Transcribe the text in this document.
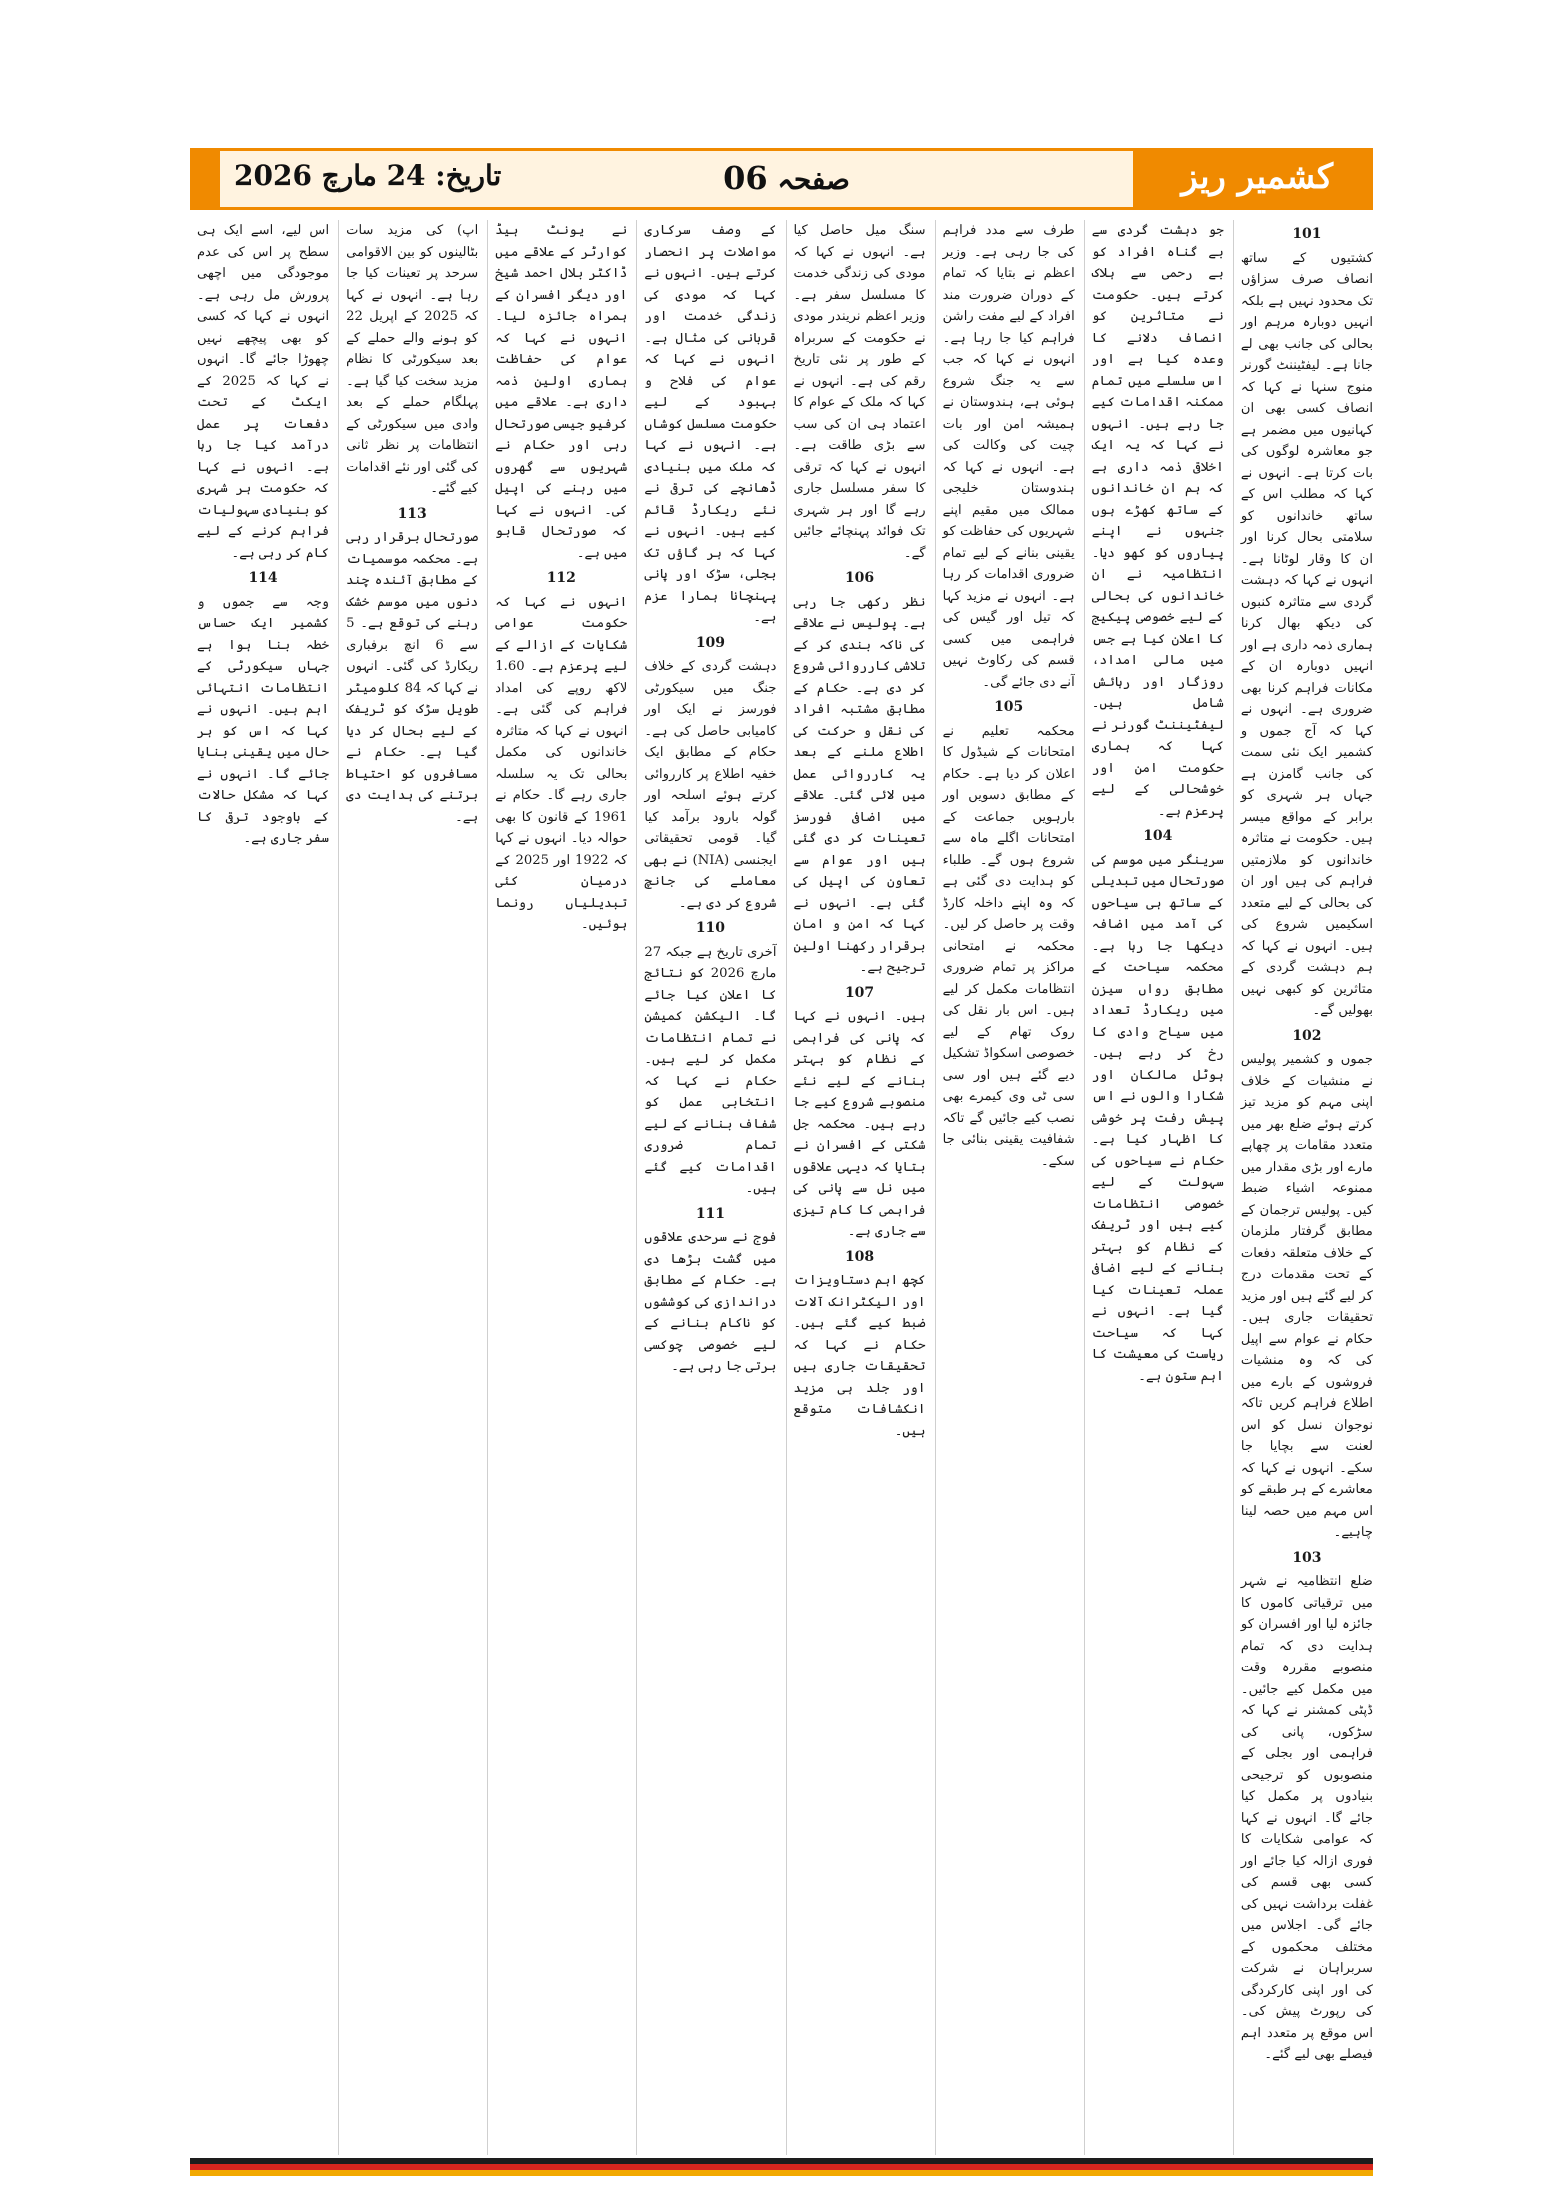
کشمیر ریز
صفحہ 06
تاریخ: 24 مارچ 2026
101

کشتیوں کے ساتھ انصاف صرف سزاؤں تک محدود نہیں ہے بلکہ انہیں دوبارہ مرہم اور بحالی کی جانب بھی لے جانا ہے۔ لیفٹیننٹ گورنر منوج سنہا نے کہا کہ انصاف کسی بھی ان کہانیوں میں مضمر ہے جو معاشرہ لوگوں کی بات کرتا ہے۔ انہوں نے کہا کہ مطلب اس کے ساتھ خاندانوں کو سلامتی بحال کرنا اور ان کا وقار لوٹانا ہے۔ انہوں نے کہا کہ دہشت گردی سے متاثرہ کنبوں کی دیکھ بھال کرنا ہماری ذمہ داری ہے اور انہیں دوبارہ ان کے مکانات فراہم کرنا بھی ضروری ہے۔ انہوں نے کہا کہ آج جموں و کشمیر ایک نئی سمت کی جانب گامزن ہے جہاں ہر شہری کو برابر کے مواقع میسر ہیں۔ حکومت نے متاثرہ خاندانوں کو ملازمتیں فراہم کی ہیں اور ان کی بحالی کے لیے متعدد اسکیمیں شروع کی ہیں۔ انہوں نے کہا کہ ہم دہشت گردی کے متاثرین کو کبھی نہیں بھولیں گے۔

102

جموں و کشمیر پولیس نے منشیات کے خلاف اپنی مہم کو مزید تیز کرتے ہوئے ضلع بھر میں متعدد مقامات پر چھاپے مارے اور بڑی مقدار میں ممنوعہ اشیاء ضبط کیں۔ پولیس ترجمان کے مطابق گرفتار ملزمان کے خلاف متعلقہ دفعات کے تحت مقدمات درج کر لیے گئے ہیں اور مزید تحقیقات جاری ہیں۔ حکام نے عوام سے اپیل کی کہ وہ منشیات فروشوں کے بارے میں اطلاع فراہم کریں تاکہ نوجوان نسل کو اس لعنت سے بچایا جا سکے۔ انہوں نے کہا کہ معاشرے کے ہر طبقے کو اس مہم میں حصہ لینا چاہیے۔

103

ضلع انتظامیہ نے شہر میں ترقیاتی کاموں کا جائزہ لیا اور افسران کو ہدایت دی کہ تمام منصوبے مقررہ وقت میں مکمل کیے جائیں۔ ڈپٹی کمشنر نے کہا کہ سڑکوں، پانی کی فراہمی اور بجلی کے منصوبوں کو ترجیحی بنیادوں پر مکمل کیا جائے گا۔ انہوں نے کہا کہ عوامی شکایات کا فوری ازالہ کیا جائے اور کسی بھی قسم کی غفلت برداشت نہیں کی جائے گی۔ اجلاس میں مختلف محکموں کے سربراہان نے شرکت کی اور اپنی کارکردگی کی رپورٹ پیش کی۔ اس موقع پر متعدد اہم فیصلے بھی لیے گئے۔

جو دہشت گردی سے بے گناہ افراد کو بے رحمی سے ہلاک کرتے ہیں۔ حکومت نے متاثرین کو انصاف دلانے کا وعدہ کیا ہے اور اس سلسلے میں تمام ممکنہ اقدامات کیے جا رہے ہیں۔ انہوں نے کہا کہ یہ ایک اخلاقی ذمہ داری ہے کہ ہم ان خاندانوں کے ساتھ کھڑے ہوں جنہوں نے اپنے پیاروں کو کھو دیا۔ انتظامیہ نے ان خاندانوں کی بحالی کے لیے خصوصی پیکیج کا اعلان کیا ہے جس میں مالی امداد، روزگار اور رہائش شامل ہیں۔ لیفٹیننٹ گورنر نے کہا کہ ہماری حکومت امن اور خوشحالی کے لیے پرعزم ہے۔

104

سرینگر میں موسم کی صورتحال میں تبدیلی کے ساتھ ہی سیاحوں کی آمد میں اضافہ دیکھا جا رہا ہے۔ محکمہ سیاحت کے مطابق رواں سیزن میں ریکارڈ تعداد میں سیاح وادی کا رخ کر رہے ہیں۔ ہوٹل مالکان اور شکارا والوں نے اس پیش رفت پر خوشی کا اظہار کیا ہے۔ حکام نے سیاحوں کی سہولت کے لیے خصوصی انتظامات کیے ہیں اور ٹریفک کے نظام کو بہتر بنانے کے لیے اضافی عملہ تعینات کیا گیا ہے۔ انہوں نے کہا کہ سیاحت ریاست کی معیشت کا اہم ستون ہے۔

طرف سے مدد فراہم کی جا رہی ہے۔ وزیر اعظم نے بتایا کہ تمام کے دوران ضرورت مند افراد کے لیے مفت راشن فراہم کیا جا رہا ہے۔ انہوں نے کہا کہ جب سے یہ جنگ شروع ہوئی ہے، ہندوستان نے ہمیشہ امن اور بات چیت کی وکالت کی ہے۔ انہوں نے کہا کہ ہندوستان خلیجی ممالک میں مقیم اپنے شہریوں کی حفاظت کو یقینی بنانے کے لیے تمام ضروری اقدامات کر رہا ہے۔ انہوں نے مزید کہا کہ تیل اور گیس کی فراہمی میں کسی قسم کی رکاوٹ نہیں آنے دی جائے گی۔

105

محکمہ تعلیم نے امتحانات کے شیڈول کا اعلان کر دیا ہے۔ حکام کے مطابق دسویں اور بارہویں جماعت کے امتحانات اگلے ماہ سے شروع ہوں گے۔ طلباء کو ہدایت دی گئی ہے کہ وہ اپنے داخلہ کارڈ وقت پر حاصل کر لیں۔ محکمہ نے امتحانی مراکز پر تمام ضروری انتظامات مکمل کر لیے ہیں۔ اس بار نقل کی روک تھام کے لیے خصوصی اسکواڈ تشکیل دیے گئے ہیں اور سی سی ٹی وی کیمرے بھی نصب کیے جائیں گے تاکہ شفافیت یقینی بنائی جا سکے۔

سنگ میل حاصل کیا ہے۔ انہوں نے کہا کہ مودی کی زندگی خدمت کا مسلسل سفر ہے۔ وزیر اعظم نریندر مودی نے حکومت کے سربراہ کے طور پر نئی تاریخ رقم کی ہے۔ انہوں نے کہا کہ ملک کے عوام کا اعتماد ہی ان کی سب سے بڑی طاقت ہے۔ انہوں نے کہا کہ ترقی کا سفر مسلسل جاری رہے گا اور ہر شہری تک فوائد پہنچائے جائیں گے۔

106

نظر رکھی جا رہی ہے۔ پولیس نے علاقے کی ناکہ بندی کر کے تلاشی کارروائی شروع کر دی ہے۔ حکام کے مطابق مشتبہ افراد کی نقل و حرکت کی اطلاع ملنے کے بعد یہ کارروائی عمل میں لائی گئی۔ علاقے میں اضافی فورسز تعینات کر دی گئی ہیں اور عوام سے تعاون کی اپیل کی گئی ہے۔ انہوں نے کہا کہ امن و امان برقرار رکھنا اولین ترجیح ہے۔

107

ہیں۔ انہوں نے کہا کہ پانی کی فراہمی کے نظام کو بہتر بنانے کے لیے نئے منصوبے شروع کیے جا رہے ہیں۔ محکمہ جل شکتی کے افسران نے بتایا کہ دیہی علاقوں میں نل سے پانی کی فراہمی کا کام تیزی سے جاری ہے۔

108

کچھ اہم دستاویزات اور الیکٹرانک آلات ضبط کیے گئے ہیں۔ حکام نے کہا کہ تحقیقات جاری ہیں اور جلد ہی مزید انکشافات متوقع ہیں۔

کے وصف سرکاری مواصلات پر انحصار کرتے ہیں۔ انہوں نے کہا کہ مودی کی زندگی خدمت اور قربانی کی مثال ہے۔ انہوں نے کہا کہ عوام کی فلاح و بہبود کے لیے حکومت مسلسل کوشاں ہے۔ انہوں نے کہا کہ ملک میں بنیادی ڈھانچے کی ترقی نے نئے ریکارڈ قائم کیے ہیں۔ انہوں نے کہا کہ ہر گاؤں تک بجلی، سڑک اور پانی پہنچانا ہمارا عزم ہے۔

109

دہشت گردی کے خلاف جنگ میں سیکورٹی فورسز نے ایک اور کامیابی حاصل کی ہے۔ حکام کے مطابق ایک خفیہ اطلاع پر کارروائی کرتے ہوئے اسلحہ اور گولہ بارود برآمد کیا گیا۔ قومی تحقیقاتی ایجنسی (NIA) نے بھی معاملے کی جانچ شروع کر دی ہے۔

110

آخری تاریخ ہے جبکہ 27 مارچ 2026 کو نتائج کا اعلان کیا جائے گا۔ الیکشن کمیشن نے تمام انتظامات مکمل کر لیے ہیں۔ حکام نے کہا کہ انتخابی عمل کو شفاف بنانے کے لیے تمام ضروری اقدامات کیے گئے ہیں۔

111

فوج نے سرحدی علاقوں میں گشت بڑھا دی ہے۔ حکام کے مطابق دراندازی کی کوششوں کو ناکام بنانے کے لیے خصوصی چوکسی برتی جا رہی ہے۔

نے یونٹ ہیڈ کوارٹر کے علاقے میں ڈاکٹر بلال احمد شیخ اور دیگر افسران کے ہمراہ جائزہ لیا۔ انہوں نے کہا کہ عوام کی حفاظت ہماری اولین ذمہ داری ہے۔ علاقے میں کرفیو جیسی صورتحال رہی اور حکام نے شہریوں سے گھروں میں رہنے کی اپیل کی۔ انہوں نے کہا کہ صورتحال قابو میں ہے۔

112

انہوں نے کہا کہ حکومت عوامی شکایات کے ازالے کے لیے پرعزم ہے۔ 1.60 لاکھ روپے کی امداد فراہم کی گئی ہے۔ انہوں نے کہا کہ متاثرہ خاندانوں کی مکمل بحالی تک یہ سلسلہ جاری رہے گا۔ حکام نے 1961 کے قانون کا بھی حوالہ دیا۔ انہوں نے کہا کہ 1922 اور 2025 کے درمیان کئی تبدیلیاں رونما ہوئیں۔

اپ) کی مزید سات بٹالینوں کو بین الاقوامی سرحد پر تعینات کیا جا رہا ہے۔ انہوں نے کہا کہ 2025 کے اپریل 22 کو ہونے والے حملے کے بعد سیکورٹی کا نظام مزید سخت کیا گیا ہے۔ پہلگام حملے کے بعد وادی میں سیکورٹی کے انتظامات پر نظر ثانی کی گئی اور نئے اقدامات کیے گئے۔

113

صورتحال برقرار رہی ہے۔ محکمہ موسمیات کے مطابق آئندہ چند دنوں میں موسم خشک رہنے کی توقع ہے۔ 5 سے 6 انچ برفباری ریکارڈ کی گئی۔ انہوں نے کہا کہ 84 کلومیٹر طویل سڑک کو ٹریفک کے لیے بحال کر دیا گیا ہے۔ حکام نے مسافروں کو احتیاط برتنے کی ہدایت دی ہے۔

اس لیے، اسے ایک ہی سطح پر اس کی عدم موجودگی میں اچھی پرورش مل رہی ہے۔ انہوں نے کہا کہ کسی کو بھی پیچھے نہیں چھوڑا جائے گا۔ انہوں نے کہا کہ 2025 کے ایکٹ کے تحت دفعات پر عمل درآمد کیا جا رہا ہے۔ انہوں نے کہا کہ حکومت ہر شہری کو بنیادی سہولیات فراہم کرنے کے لیے کام کر رہی ہے۔

114

وجہ سے جموں و کشمیر ایک حساس خطہ بنا ہوا ہے جہاں سیکورٹی کے انتظامات انتہائی اہم ہیں۔ انہوں نے کہا کہ اس کو ہر حال میں یقینی بنایا جائے گا۔ انہوں نے کہا کہ مشکل حالات کے باوجود ترقی کا سفر جاری ہے۔
